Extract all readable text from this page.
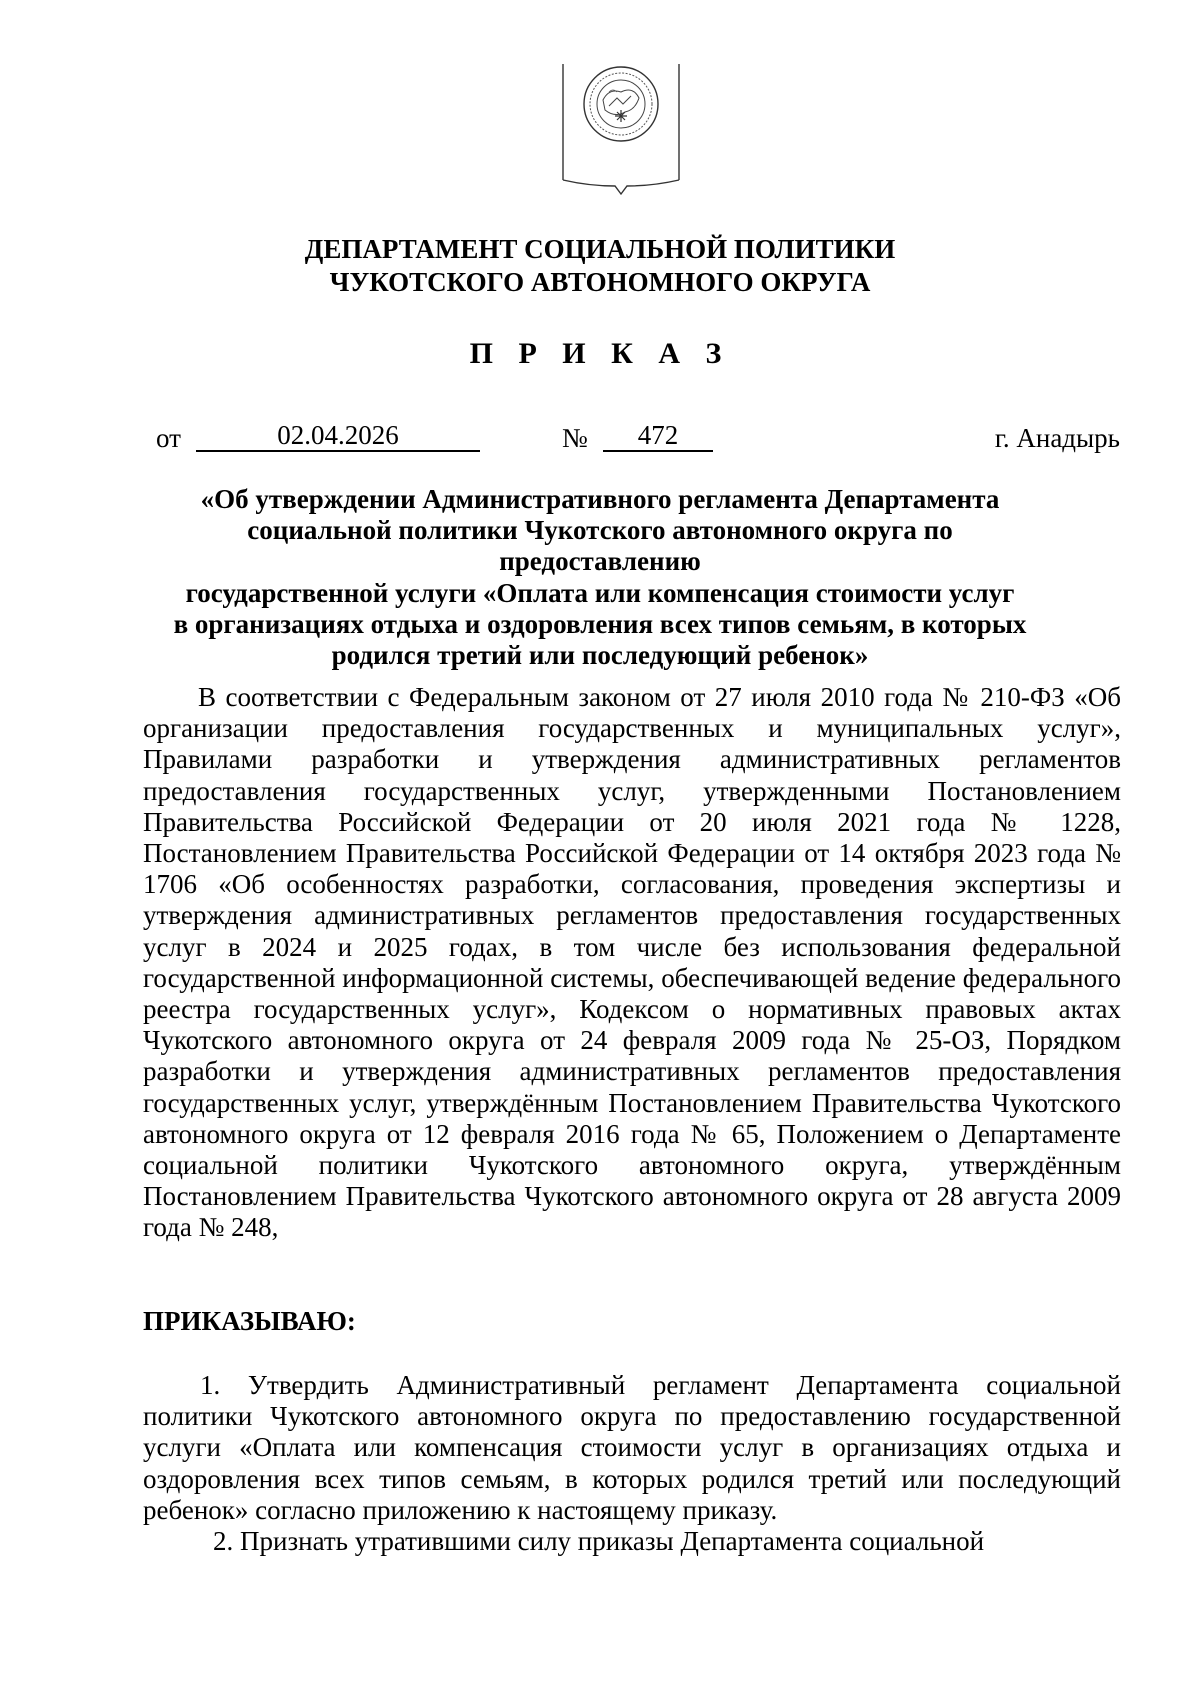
ДЕПАРТАМЕНТ СОЦИАЛЬНОЙ ПОЛИТИКИ
ЧУКОТСКОГО АВТОНОМНОГО ОКРУГА
П Р И К А З
от	02.04.2026	№	472	г. Анадырь
«Об утверждении Административного регламента Департамента
социальной политики Чукотского автономного округа по предоставлению
государственной услуги «Оплата или компенсация стоимости услуг
в организациях отдыха и оздоровления всех типов семьям, в которых
родился третий или последующий ребенок»

В соответствии с Федеральным законом от 27 июля 2010 года № 210-ФЗ «Об организации предоставления государственных и муниципальных услуг», Правилами разработки и утверждения административных регламентов предоставления государственных услуг, утвержденными Постановлением Правительства Российской Федерации от 20 июля 2021 года № 1228, Постановлением Правительства Российской Федерации от 14 октября 2023 года № 1706 «Об особенностях разработки, согласования, проведения экспертизы и утверждения административных регламентов предоставления государственных услуг в 2024 и 2025 годах, в том числе без использования федеральной государственной информационной системы, обеспечивающей ведение федерального реестра государственных услуг», Кодексом о нормативных правовых актах Чукотского автономного округа от 24 февраля 2009 года № 25-ОЗ, Порядком разработки и утверждения административных регламентов предоставления государственных услуг, утверждённым Постановлением Правительства Чукотского автономного округа от 12 февраля 2016 года № 65, Положением о Департаменте социальной политики Чукотского автономного округа, утверждённым Постановлением Правительства Чукотского автономного округа от 28 августа 2009 года № 248,

ПРИКАЗЫВАЮ:

1. Утвердить Административный регламент Департамента социальной политики Чукотского автономного округа по предоставлению государственной услуги «Оплата или компенсация стоимости услуг в организациях отдыха и оздоровления всех типов семьям, в которых родился третий или последующий ребенок» согласно приложению к настоящему приказу.

2. Признать утратившими силу приказы Департамента социальной
